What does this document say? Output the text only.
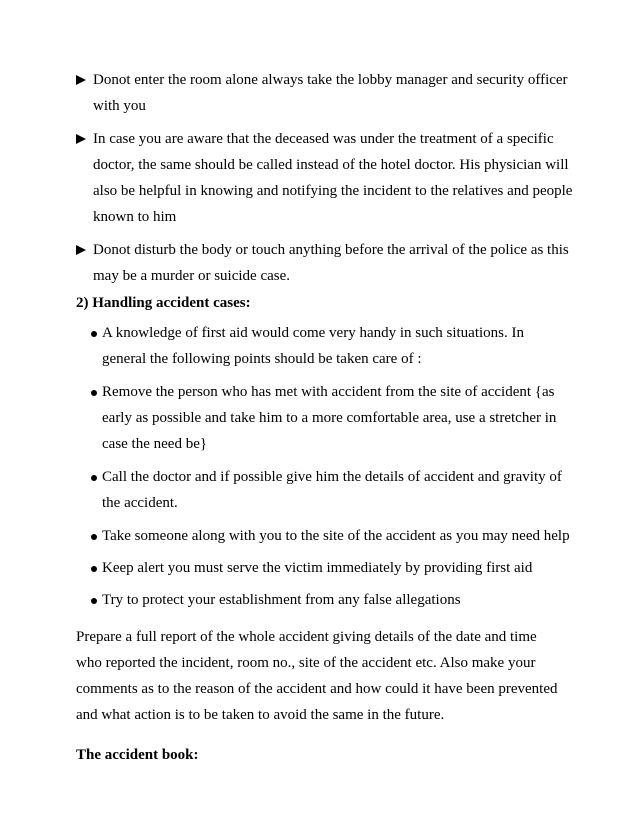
Donot enter the room alone always take the lobby manager and security officer with you
In case you are aware that the deceased was under the treatment of a specific doctor, the same should be called instead of the hotel doctor. His physician will also be helpful in knowing and notifying the incident to the relatives and people known to him
Donot disturb the body or touch anything before the arrival of the police as this may be a murder or suicide case.
2) Handling accident cases:
A knowledge of first aid would come very handy in such situations. In general the following points should be taken care of :
Remove the person who has met with accident from the site of accident {as early as possible and take him to a more comfortable area, use a stretcher in case the need be}
Call the doctor and if possible give him the details of accident and gravity of the accident.
Take someone along with you to the site of the accident as you may need help
Keep alert you must serve the victim immediately by providing first aid
Try to protect your establishment from any false allegations

Prepare a full report of the whole accident giving details of the date and time who reported the incident, room no., site of the accident etc. Also make your comments as to the reason of the accident and how could it have been prevented and what action is to be taken to avoid the same in the future.

The accident book:
